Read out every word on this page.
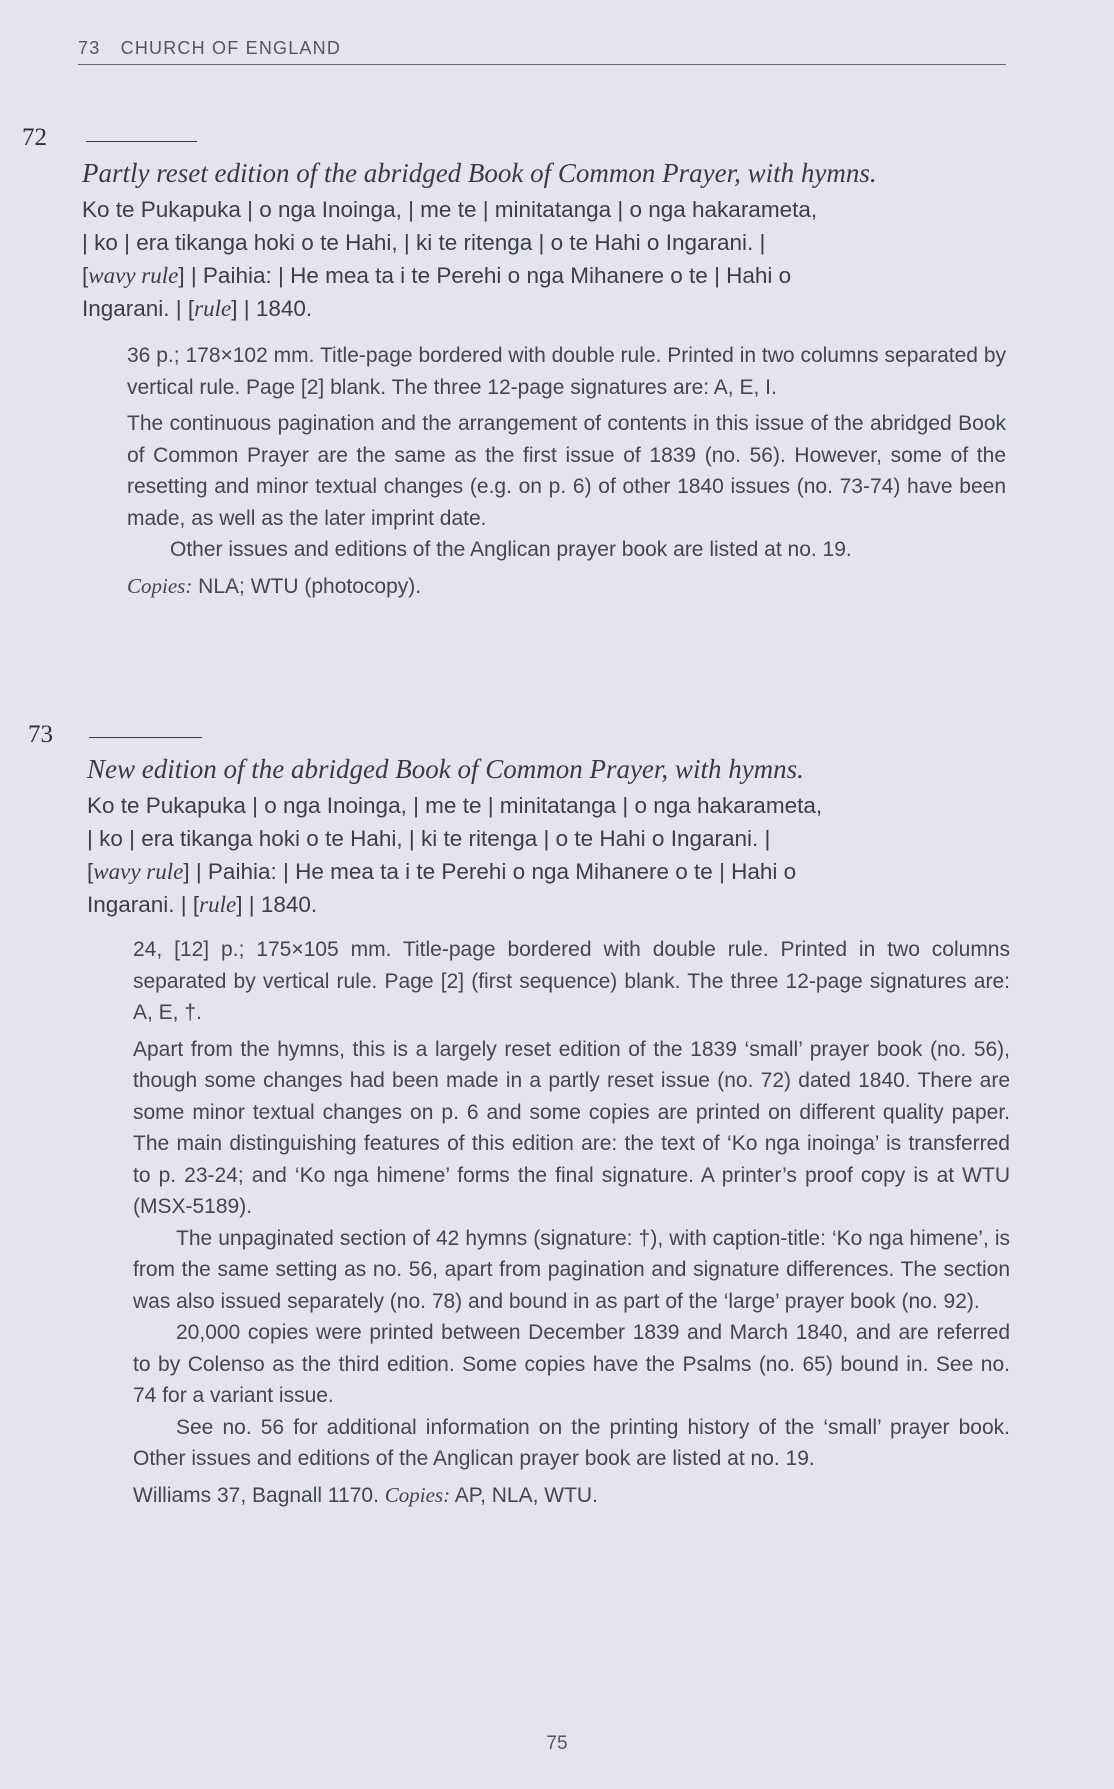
73 CHURCH OF ENGLAND
72
Partly reset edition of the abridged Book of Common Prayer, with hymns.
Ko te Pukapuka | o nga Inoinga, | me te | minitatanga | o nga hakarameta,
| ko | era tikanga hoki o te Hahi, | ki te ritenga | o te Hahi o Ingarani. |
[wavy rule] | Paihia: | He mea ta i te Perehi o nga Mihanere o te | Hahi o
Ingarani. | [rule] | 1840.

36 p.; 178×102 mm. Title-page bordered with double rule. Printed in two columns separated by vertical rule. Page [2] blank. The three 12-page signatures are: A, E, I.

The continuous pagination and the arrangement of contents in this issue of the abridged Book of Common Prayer are the same as the first issue of 1839 (no. 56). However, some of the resetting and minor textual changes (e.g. on p. 6) of other 1840 issues (no. 73-74) have been made, as well as the later imprint date.

Other issues and editions of the Anglican prayer book are listed at no. 19.

Copies: NLA; WTU (photocopy).

73
New edition of the abridged Book of Common Prayer, with hymns.
Ko te Pukapuka | o nga Inoinga, | me te | minitatanga | o nga hakarameta,
| ko | era tikanga hoki o te Hahi, | ki te ritenga | o te Hahi o Ingarani. |
[wavy rule] | Paihia: | He mea ta i te Perehi o nga Mihanere o te | Hahi o
Ingarani. | [rule] | 1840.

24, [12] p.; 175×105 mm. Title-page bordered with double rule. Printed in two columns separated by vertical rule. Page [2] (first sequence) blank. The three 12-page signatures are: A, E, †.

Apart from the hymns, this is a largely reset edition of the 1839 ‘small’ prayer book (no. 56), though some changes had been made in a partly reset issue (no. 72) dated 1840. There are some minor textual changes on p. 6 and some copies are printed on different quality paper. The main distinguishing features of this edition are: the text of ‘Ko nga inoinga’ is transferred to p. 23-24; and ‘Ko nga himene’ forms the final signature. A printer’s proof copy is at WTU (MSX-5189).

The unpaginated section of 42 hymns (signature: †), with caption-title: ‘Ko nga himene’, is from the same setting as no. 56, apart from pagination and signature differences. The section was also issued separately (no. 78) and bound in as part of the ‘large’ prayer book (no. 92).

20,000 copies were printed between December 1839 and March 1840, and are referred to by Colenso as the third edition. Some copies have the Psalms (no. 65) bound in. See no. 74 for a variant issue.

See no. 56 for additional information on the printing history of the ‘small’ prayer book. Other issues and editions of the Anglican prayer book are listed at no. 19.

Williams 37, Bagnall 1170. Copies: AP, NLA, WTU.

75
